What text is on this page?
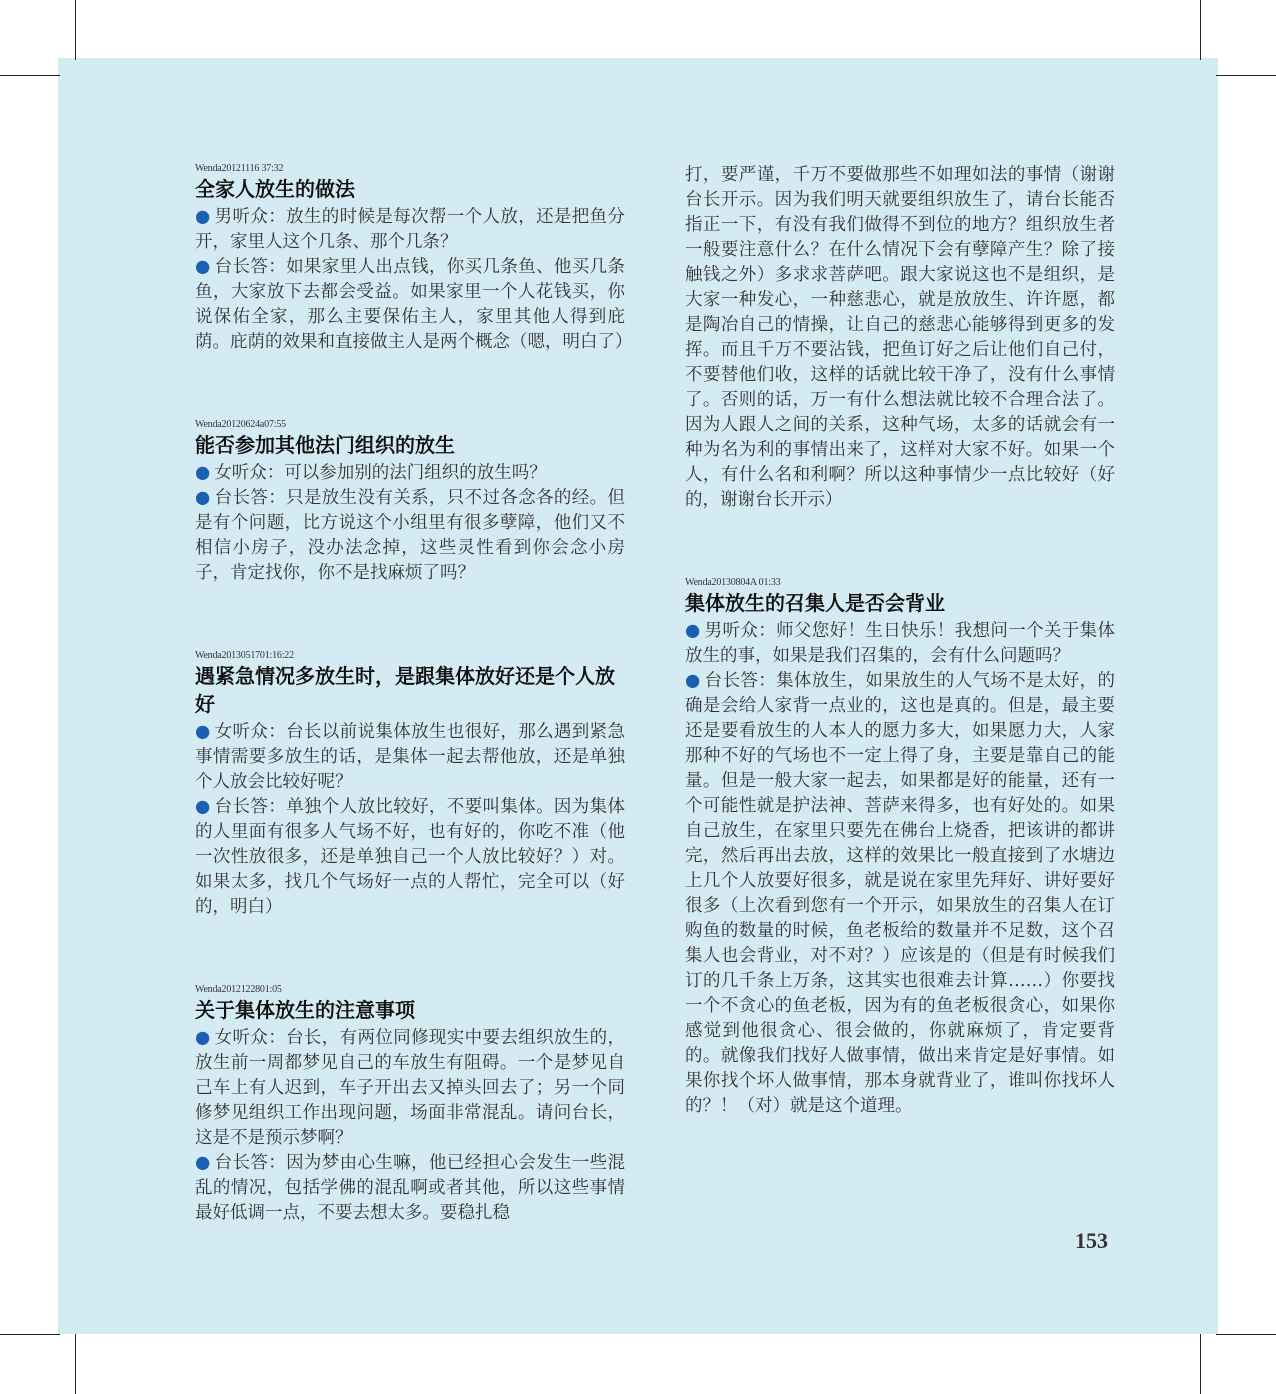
Wenda20121116 37:32
全家人放生的做法

● 男听众：放生的时候是每次帮一个人放，还是把鱼分开，家里人这个几条、那个几条？

● 台长答：如果家里人出点钱，你买几条鱼、他买几条鱼，大家放下去都会受益。如果家里一个人花钱买，你说保佑全家，那么主要保佑主人，家里其他人得到庇荫。庇荫的效果和直接做主人是两个概念（嗯，明白了）

Wenda20120624a07:55
能否参加其他法门组织的放生

● 女听众：可以参加别的法门组织的放生吗？

● 台长答：只是放生没有关系，只不过各念各的经。但是有个问题，比方说这个小组里有很多孽障，他们又不相信小房子，没办法念掉，这些灵性看到你会念小房子，肯定找你，你不是找麻烦了吗？

Wenda2013051701:16:22
遇紧急情况多放生时，是跟集体放好还是个人放好

● 女听众：台长以前说集体放生也很好，那么遇到紧急事情需要多放生的话，是集体一起去帮他放，还是单独个人放会比较好呢？

● 台长答：单独个人放比较好，不要叫集体。因为集体的人里面有很多人气场不好，也有好的，你吃不准（他一次性放很多，还是单独自己一个人放比较好？）对。如果太多，找几个气场好一点的人帮忙，完全可以（好的，明白）

Wenda2012122801:05
关于集体放生的注意事项

● 女听众：台长，有两位同修现实中要去组织放生的，放生前一周都梦见自己的车放生有阻碍。一个是梦见自己车上有人迟到，车子开出去又掉头回去了；另一个同修梦见组织工作出现问题，场面非常混乱。请问台长，这是不是预示梦啊？

● 台长答：因为梦由心生嘛，他已经担心会发生一些混乱的情况，包括学佛的混乱啊或者其他，所以这些事情最好低调一点，不要去想太多。要稳扎稳

打，要严谨，千万不要做那些不如理如法的事情（谢谢台长开示。因为我们明天就要组织放生了，请台长能否指正一下，有没有我们做得不到位的地方？组织放生者一般要注意什么？在什么情况下会有孽障产生？除了接触钱之外）多求求菩萨吧。跟大家说这也不是组织，是大家一种发心，一种慈悲心，就是放放生、许许愿，都是陶冶自己的情操，让自己的慈悲心能够得到更多的发挥。而且千万不要沾钱，把鱼订好之后让他们自己付，不要替他们收，这样的话就比较干净了，没有什么事情了。否则的话，万一有什么想法就比较不合理合法了。因为人跟人之间的关系，这种气场，太多的话就会有一种为名为利的事情出来了，这样对大家不好。如果一个人，有什么名和利啊？所以这种事情少一点比较好（好的，谢谢台长开示）

Wenda20130804A 01:33
集体放生的召集人是否会背业

● 男听众：师父您好！生日快乐！我想问一个关于集体放生的事，如果是我们召集的，会有什么问题吗？

● 台长答：集体放生，如果放生的人气场不是太好，的确是会给人家背一点业的，这也是真的。但是，最主要还是要看放生的人本人的愿力多大，如果愿力大，人家那种不好的气场也不一定上得了身，主要是靠自己的能量。但是一般大家一起去，如果都是好的能量，还有一个可能性就是护法神、菩萨来得多，也有好处的。如果自己放生，在家里只要先在佛台上烧香，把该讲的都讲完，然后再出去放，这样的效果比一般直接到了水塘边上几个人放要好很多，就是说在家里先拜好、讲好要好很多（上次看到您有一个开示，如果放生的召集人在订购鱼的数量的时候，鱼老板给的数量并不足数，这个召集人也会背业，对不对？）应该是的（但是有时候我们订的几千条上万条，这其实也很难去计算……）你要找一个不贪心的鱼老板，因为有的鱼老板很贪心，如果你感觉到他很贪心、很会做的，你就麻烦了，肯定要背的。就像我们找好人做事情，做出来肯定是好事情。如果你找个坏人做事情，那本身就背业了，谁叫你找坏人的？！（对）就是这个道理。

153
